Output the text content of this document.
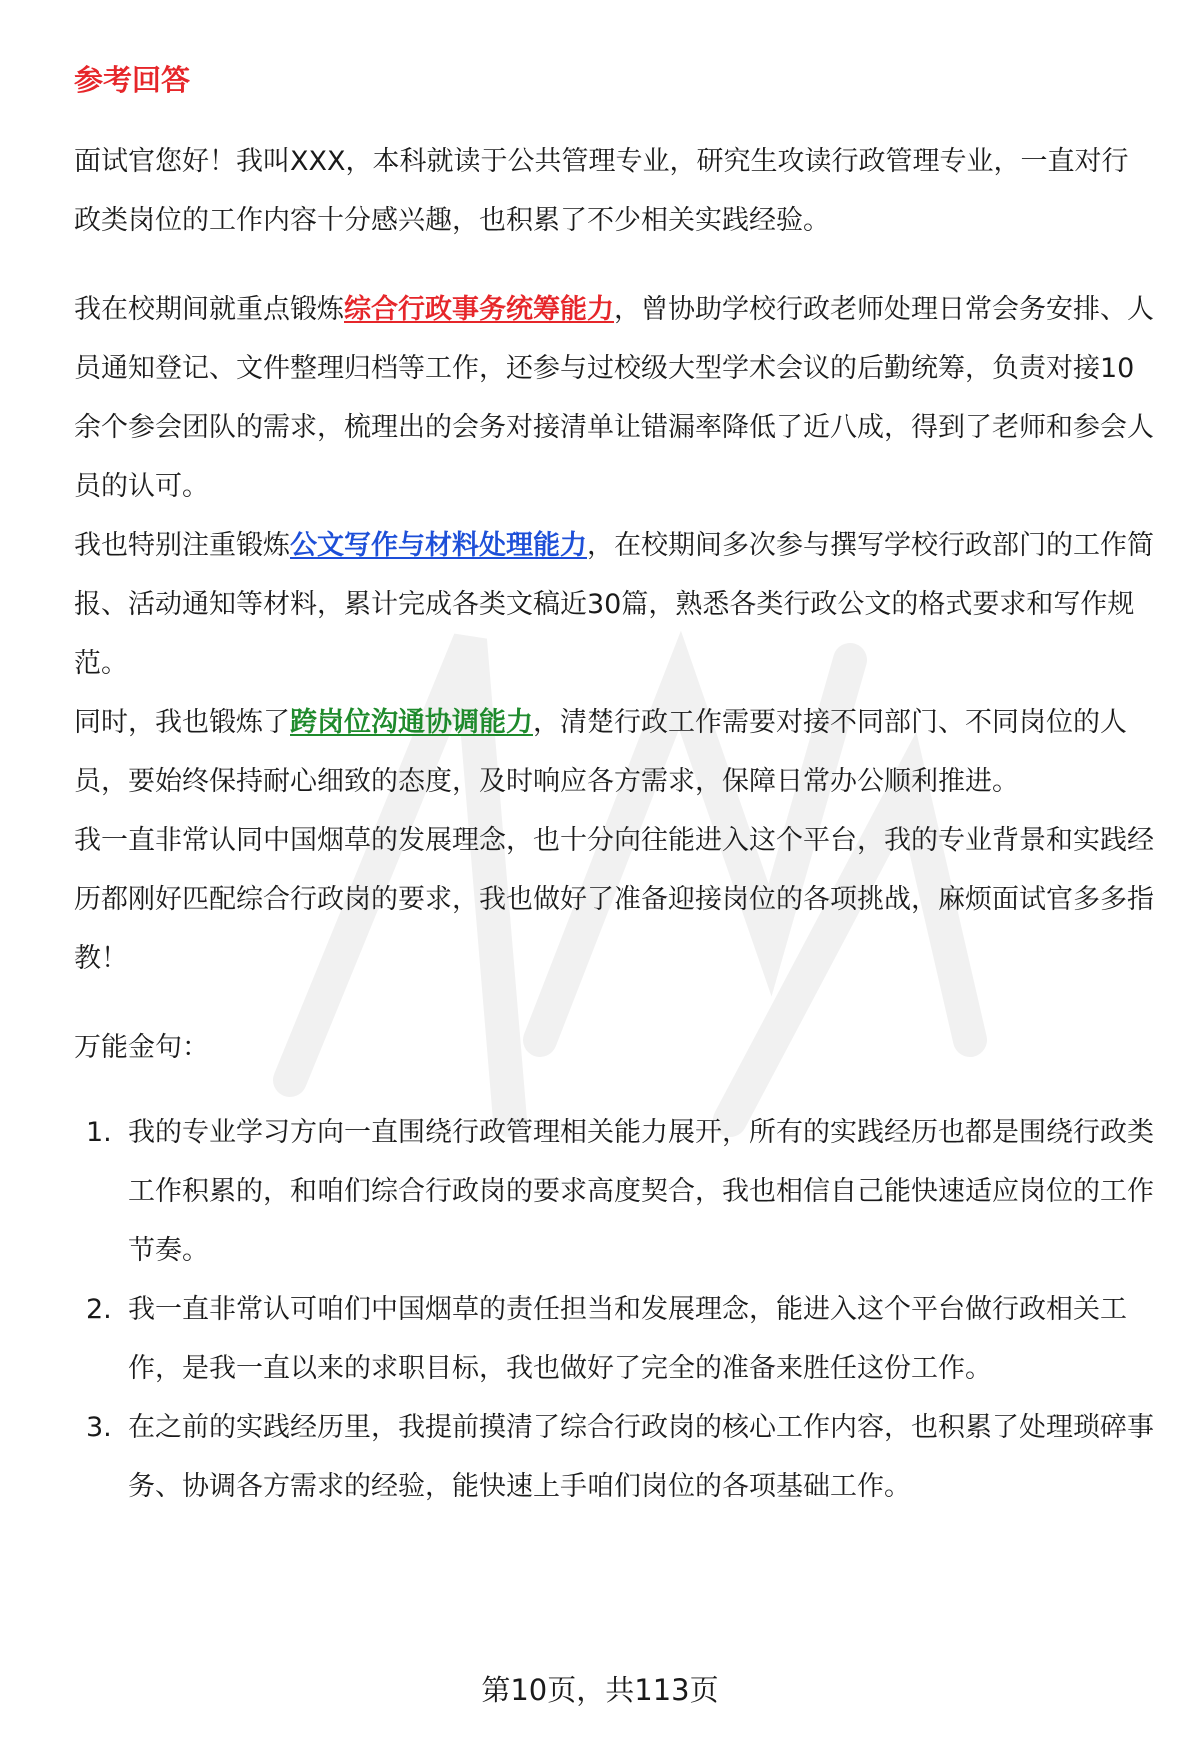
参考回答

面试官您好！我叫XXX，本科就读于公共管理专业，研究生攻读行政管理专业，一直对行政类岗位的工作内容十分感兴趣，也积累了不少相关实践经验。

我在校期间就重点锻炼综合行政事务统筹能力，曾协助学校行政老师处理日常会务安排、人员通知登记、文件整理归档等工作，还参与过校级大型学术会议的后勤统筹，负责对接10余个参会团队的需求，梳理出的会务对接清单让错漏率降低了近八成，得到了老师和参会人员的认可。

我也特别注重锻炼公文写作与材料处理能力，在校期间多次参与撰写学校行政部门的工作简报、活动通知等材料，累计完成各类文稿近30篇，熟悉各类行政公文的格式要求和写作规范。

同时，我也锻炼了跨岗位沟通协调能力，清楚行政工作需要对接不同部门、不同岗位的人员，要始终保持耐心细致的态度，及时响应各方需求，保障日常办公顺利推进。

我一直非常认同中国烟草的发展理念，也十分向往能进入这个平台，我的专业背景和实践经历都刚好匹配综合行政岗的要求，我也做好了准备迎接岗位的各项挑战，麻烦面试官多多指教！

万能金句：

1. 我的专业学习方向一直围绕行政管理相关能力展开，所有的实践经历也都是围绕行政类工作积累的，和咱们综合行政岗的要求高度契合，我也相信自己能快速适应岗位的工作节奏。
2. 我一直非常认可咱们中国烟草的责任担当和发展理念，能进入这个平台做行政相关工作，是我一直以来的求职目标，我也做好了完全的准备来胜任这份工作。
3. 在之前的实践经历里，我提前摸清了综合行政岗的核心工作内容，也积累了处理琐碎事务、协调各方需求的经验，能快速上手咱们岗位的各项基础工作。
第10页，共113页
